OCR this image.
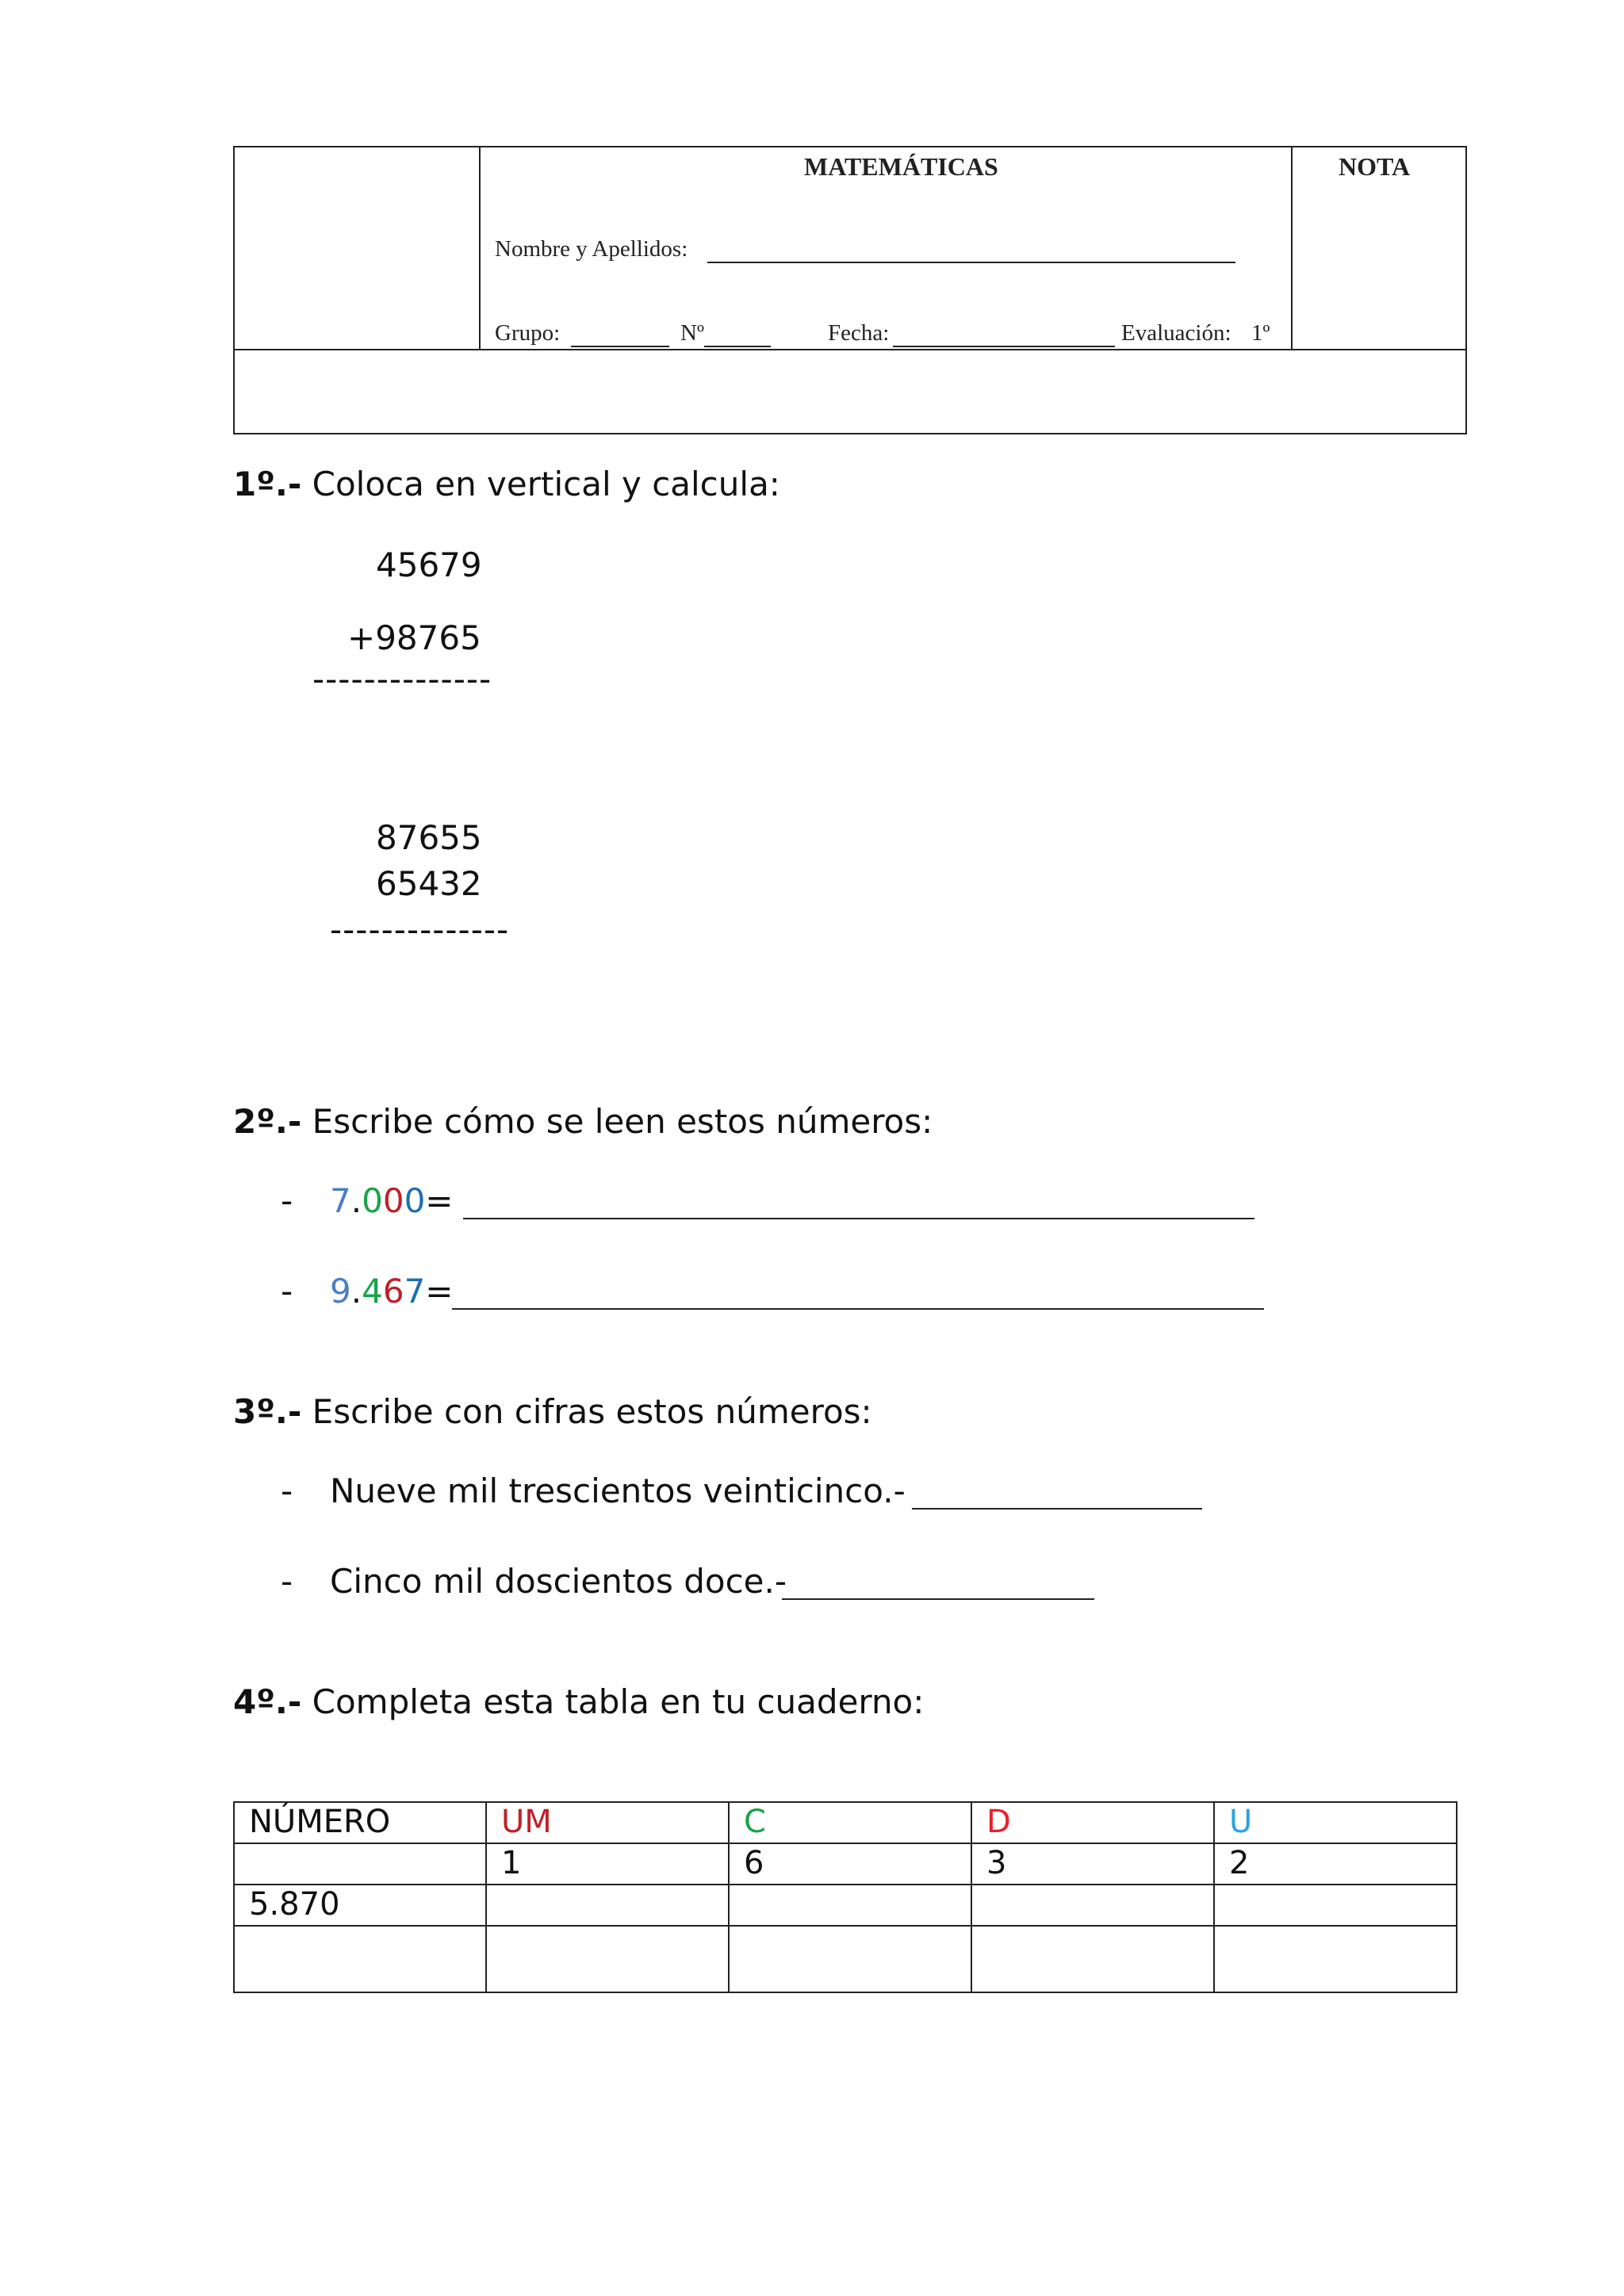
MATEMÁTICAS	NOTA
Nombre y Apellidos:
Grupo:	Nº	Fecha:	Evaluación: 1º
1º.- Coloca en vertical y calcula:
45679
+98765
--------------
87655
65432
--------------
2º.- Escribe cómo se leen estos números:
- 7.000=
- 9.467=
3º.- Escribe con cifras estos números:
- Nueve mil trescientos veinticinco.-
- Cinco mil doscientos doce.-
4º.- Completa esta tabla en tu cuaderno:
NÚMERO	UM	C	D	U
	1	6	3	2
5.870				
